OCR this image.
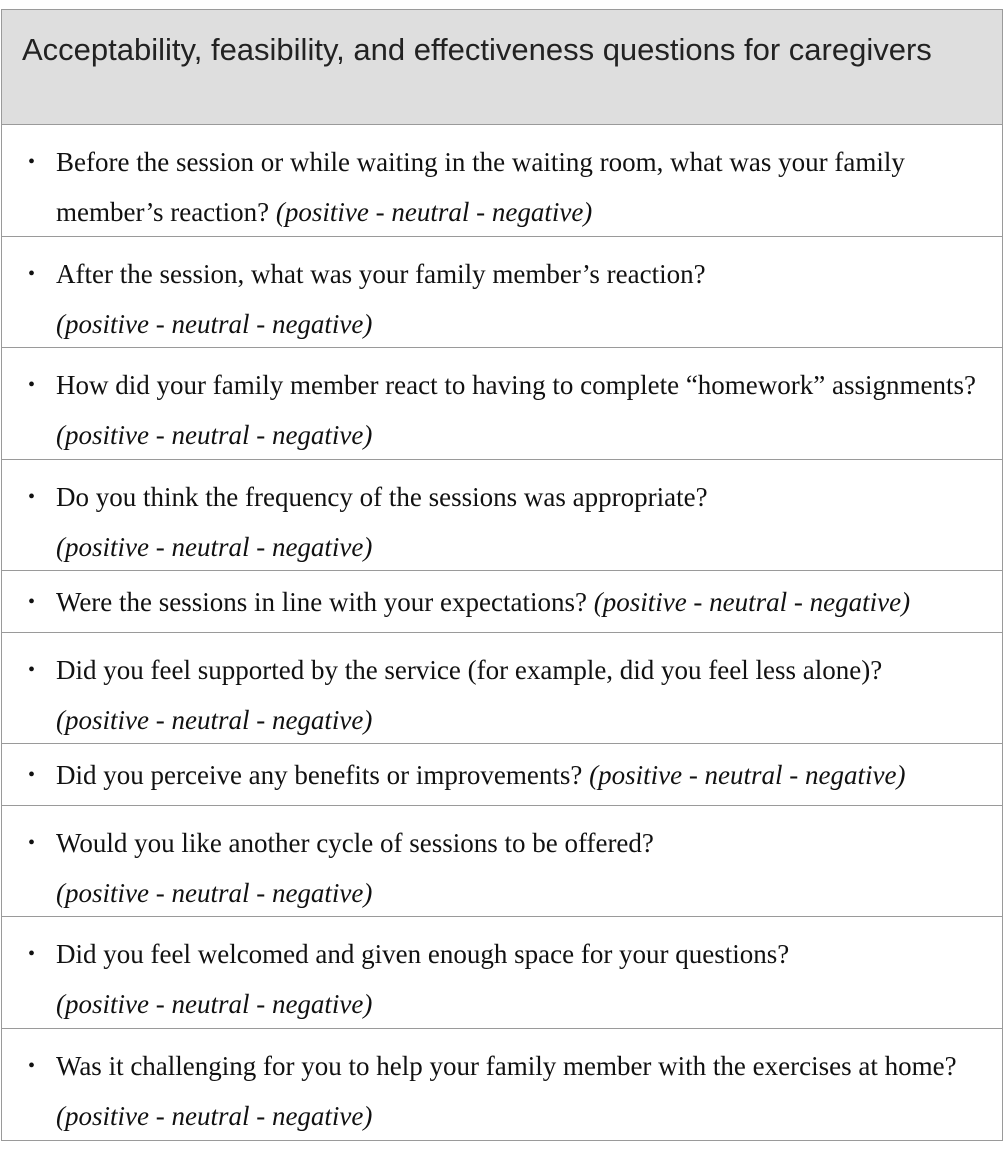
Acceptability, feasibility, and effectiveness questions for caregivers
• Before the session or while waiting in the waiting room, what was your family member’s reaction? (positive - neutral - negative)
• After the session, what was your family member’s reaction?
(positive - neutral - negative)
• How did your family member react to having to complete “homework” assignments? (positive - neutral - negative)
• Do you think the frequency of the sessions was appropriate?
(positive - neutral - negative)
• Were the sessions in line with your expectations? (positive - neutral - negative)
• Did you feel supported by the service (for example, did you feel less alone)?
(positive - neutral - negative)
• Did you perceive any benefits or improvements? (positive - neutral - negative)
• Would you like another cycle of sessions to be offered?
(positive - neutral - negative)
• Did you feel welcomed and given enough space for your questions?
(positive - neutral - negative)
• Was it challenging for you to help your family member with the exercises at home? (positive - neutral - negative)
